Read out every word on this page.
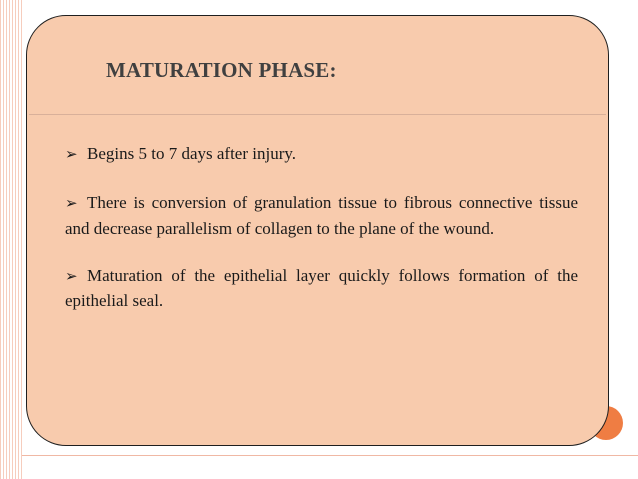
MATURATION PHASE:
➢ Begins 5 to 7 days after injury.
➢ There is conversion of granulation tissue to fibrous connective tissue and decrease parallelism of collagen to the plane of the wound.
➢ Maturation of the epithelial layer quickly follows formation of the epithelial seal.
